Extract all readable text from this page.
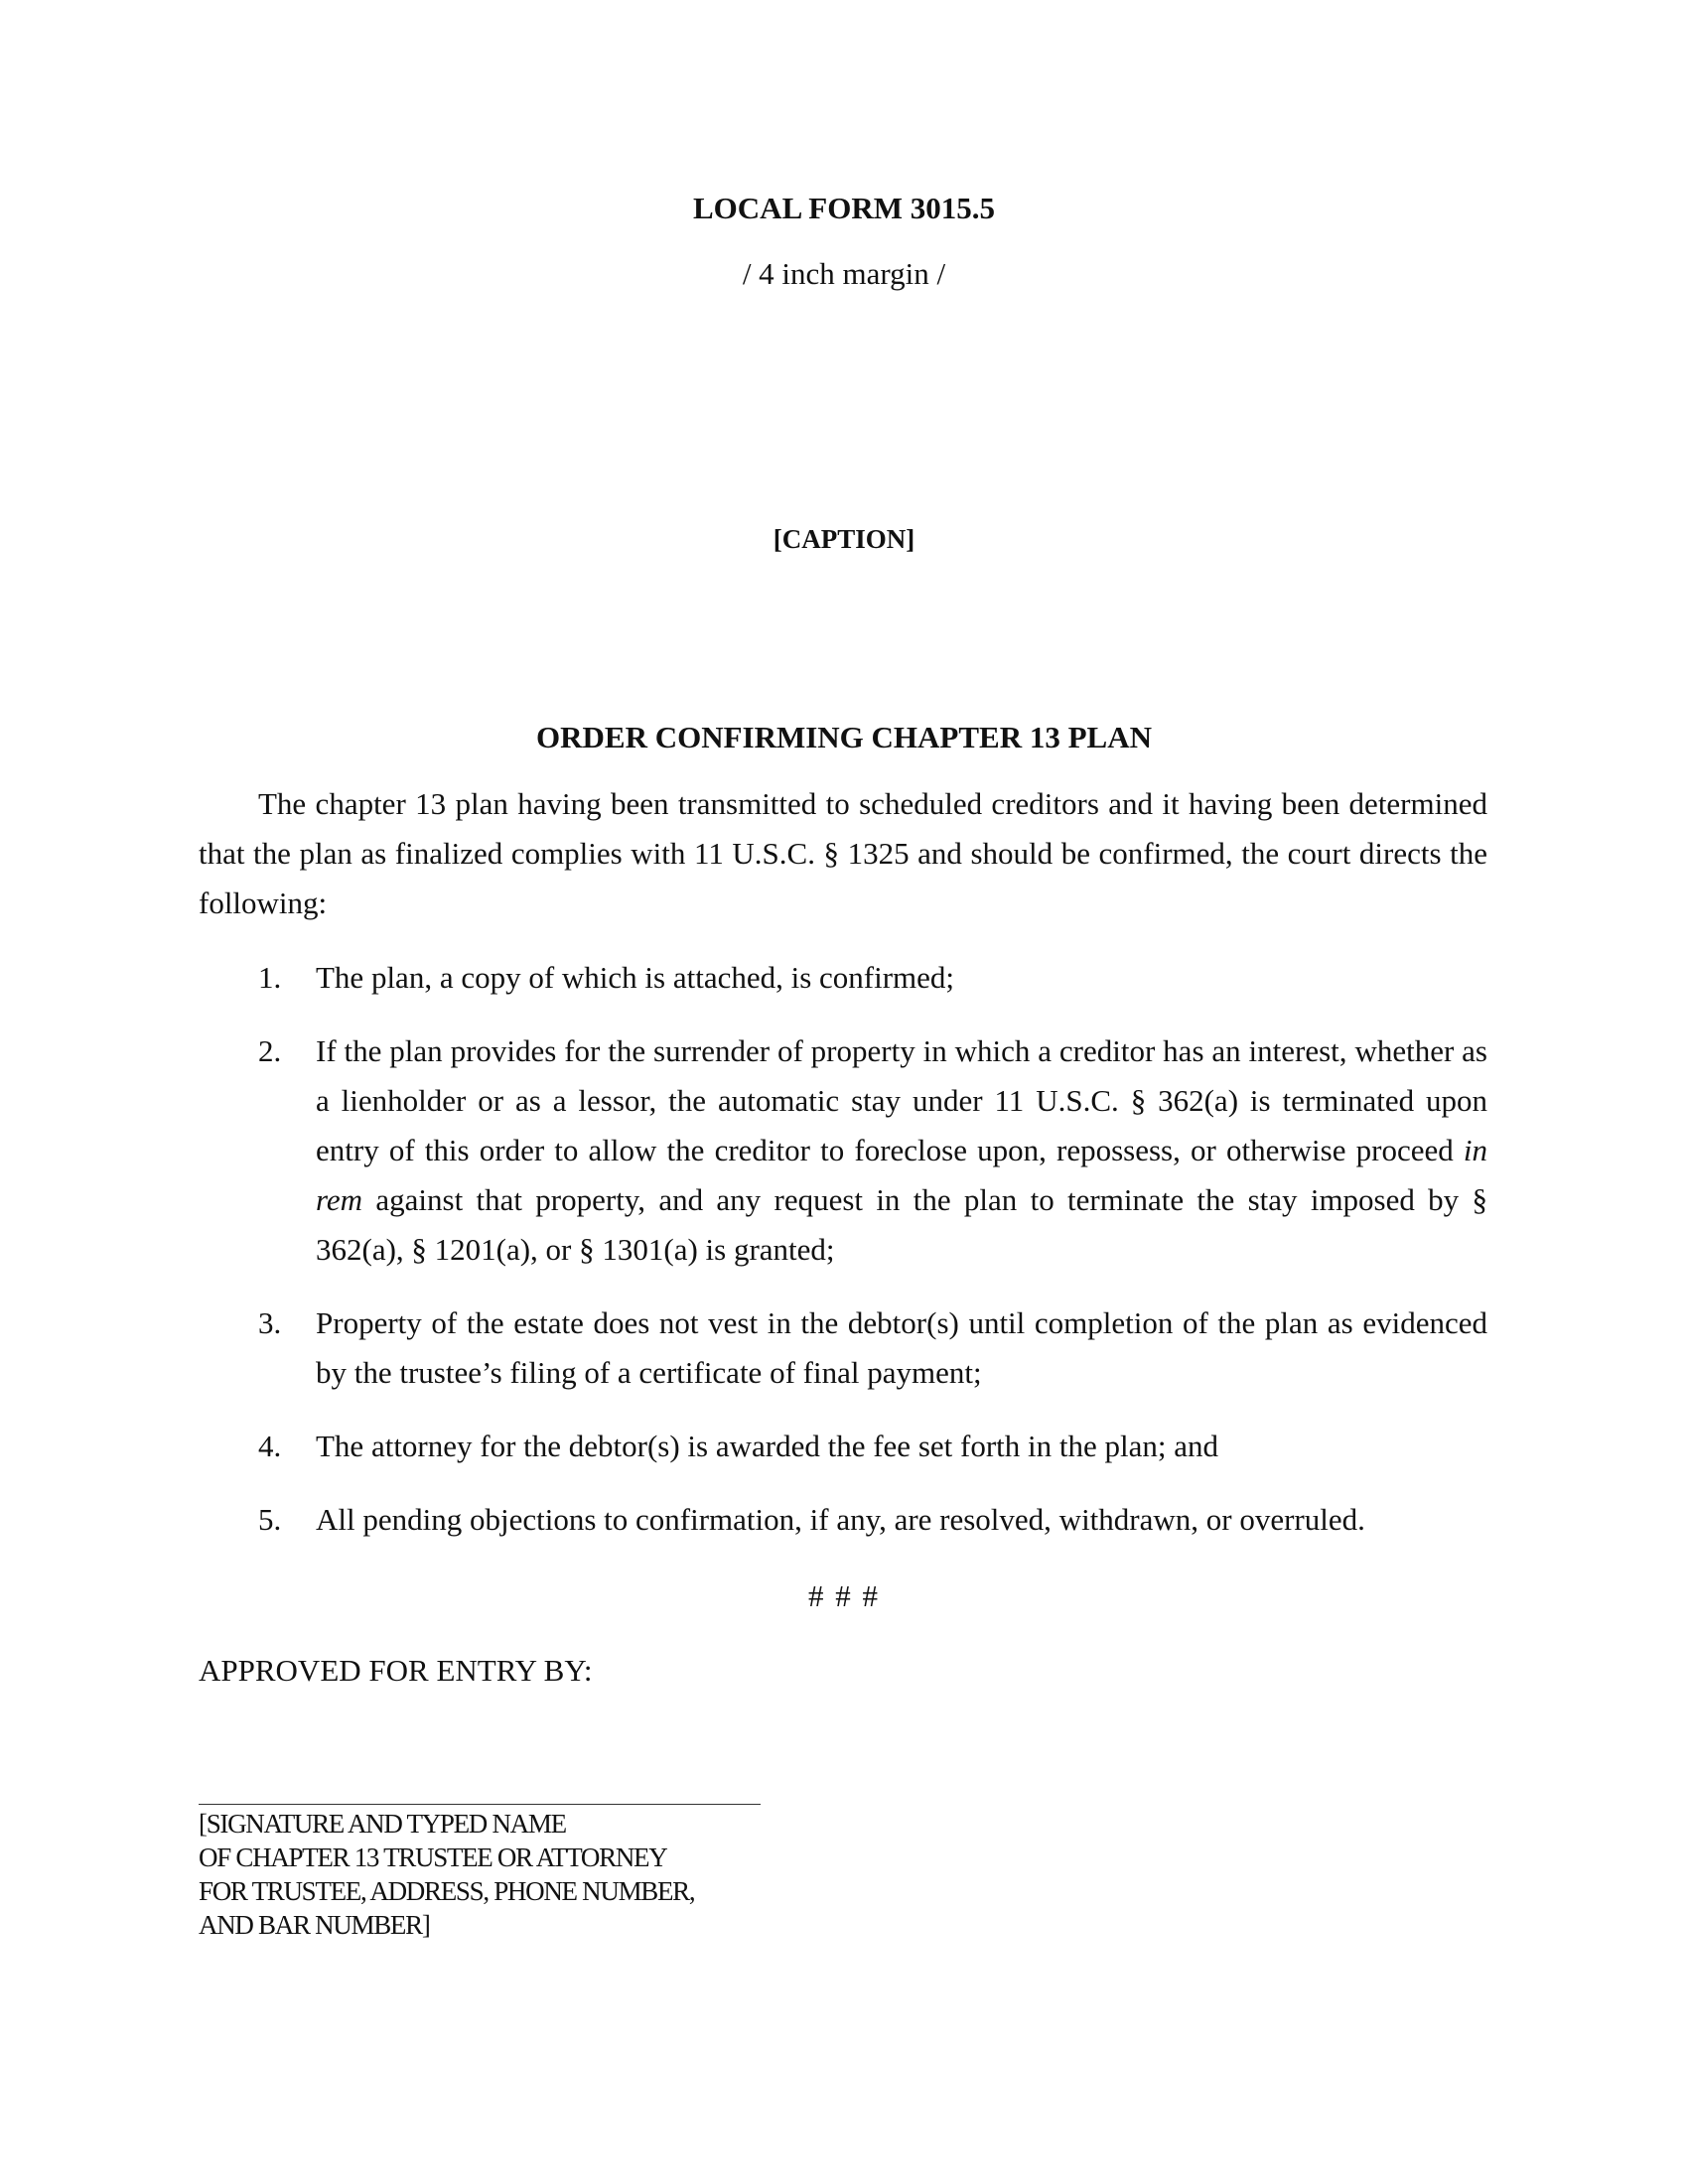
LOCAL FORM 3015.5
/ 4 inch margin /
[CAPTION]
ORDER CONFIRMING CHAPTER 13 PLAN

The chapter 13 plan having been transmitted to scheduled creditors and it having been determined that the plan as finalized complies with 11 U.S.C. § 1325 and should be confirmed, the court directs the following:

1. The plan, a copy of which is attached, is confirmed;
2. If the plan provides for the surrender of property in which a creditor has an interest, whether as a lienholder or as a lessor, the automatic stay under 11 U.S.C. § 362(a) is terminated upon entry of this order to allow the creditor to foreclose upon, repossess, or otherwise proceed in rem against that property, and any request in the plan to terminate the stay imposed by § 362(a), § 1201(a), or § 1301(a) is granted;
3. Property of the estate does not vest in the debtor(s) until completion of the plan as evidenced by the trustee’s filing of a certificate of final payment;
4. The attorney for the debtor(s) is awarded the fee set forth in the plan; and
5. All pending objections to confirmation, if any, are resolved, withdrawn, or overruled.
# # #
APPROVED FOR ENTRY BY:
[SIGNATURE AND TYPED NAME
OF CHAPTER 13 TRUSTEE OR ATTORNEY
FOR TRUSTEE, ADDRESS, PHONE NUMBER,
AND BAR NUMBER]
